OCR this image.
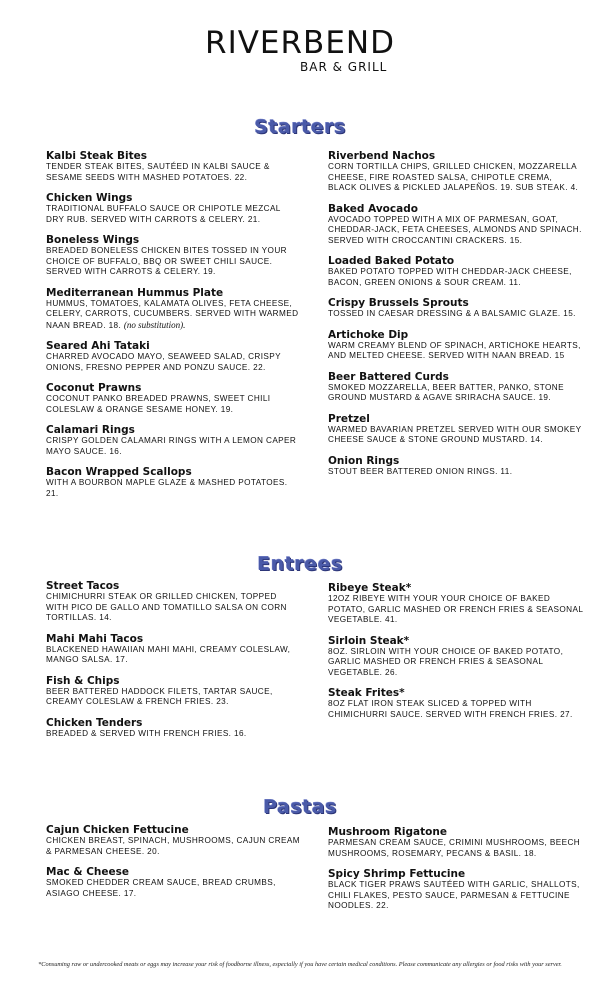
RIVERBEND
BAR & GRILL
Starters
Kalbi Steak Bites
TENDER STEAK BITES, SAUTÉED IN KALBI SAUCE & SESAME SEEDS WITH MASHED POTATOES. 22.
Chicken Wings
TRADITIONAL BUFFALO SAUCE OR CHIPOTLE MEZCAL DRY RUB. SERVED WITH CARROTS & CELERY. 21.
Boneless Wings
BREADED BONELESS CHICKEN BITES TOSSED IN YOUR CHOICE OF BUFFALO, BBQ OR SWEET CHILI SAUCE. SERVED WITH CARROTS & CELERY. 19.
Mediterranean Hummus Plate
HUMMUS, TOMATOES, KALAMATA OLIVES, FETA CHEESE, CELERY, CARROTS, CUCUMBERS. SERVED WITH WARMED NAAN BREAD. 18. (no substitution).
Seared Ahi Tataki
CHARRED AVOCADO MAYO, SEAWEED SALAD, CRISPY ONIONS, FRESNO PEPPER AND PONZU SAUCE. 22.
Coconut Prawns
COCONUT PANKO BREADED PRAWNS, SWEET CHILI COLESLAW & ORANGE SESAME HONEY. 19.
Calamari Rings
CRISPY GOLDEN CALAMARI RINGS WITH A LEMON CAPER MAYO SAUCE. 16.
Bacon Wrapped Scallops
WITH A BOURBON MAPLE GLAZE & MASHED POTATOES. 21.
Riverbend Nachos
CORN TORTILLA CHIPS, GRILLED CHICKEN, MOZZARELLA CHEESE, FIRE ROASTED SALSA, CHIPOTLE CREMA, BLACK OLIVES & PICKLED JALAPEÑOS. 19. SUB STEAK. 4.
Baked Avocado
AVOCADO TOPPED WITH A MIX OF PARMESAN, GOAT, CHEDDAR-JACK, FETA CHEESES, ALMONDS AND SPINACH. SERVED WITH CROCCANTINI CRACKERS. 15.
Loaded Baked Potato
BAKED POTATO TOPPED WITH CHEDDAR-JACK CHEESE, BACON, GREEN ONIONS & SOUR CREAM. 11.
Crispy Brussels Sprouts
TOSSED IN CAESAR DRESSING & A BALSAMIC GLAZE. 15.
Artichoke Dip
WARM CREAMY BLEND OF SPINACH, ARTICHOKE HEARTS, AND MELTED CHEESE. SERVED WITH NAAN BREAD. 15
Beer Battered Curds
SMOKED MOZZARELLA, BEER BATTER, PANKO, STONE GROUND MUSTARD & AGAVE SRIRACHA SAUCE. 19.
Pretzel
WARMED BAVARIAN PRETZEL SERVED WITH OUR SMOKEY CHEESE SAUCE & STONE GROUND MUSTARD. 14.
Onion Rings
STOUT BEER BATTERED ONION RINGS. 11.
Entrees
Street Tacos
CHIMICHURRI STEAK OR GRILLED CHICKEN, TOPPED WITH PICO DE GALLO AND TOMATILLO SALSA ON CORN TORTILLAS. 14.
Mahi Mahi Tacos
BLACKENED HAWAIIAN MAHI MAHI, CREAMY COLESLAW, MANGO SALSA. 17.
Fish & Chips
BEER BATTERED HADDOCK FILETS, TARTAR SAUCE, CREAMY COLESLAW & FRENCH FRIES. 23.
Chicken Tenders
BREADED & SERVED WITH FRENCH FRIES. 16.
Ribeye Steak*
12OZ RIBEYE WITH YOUR YOUR CHOICE OF BAKED POTATO, GARLIC MASHED OR FRENCH FRIES & SEASONAL VEGETABLE. 41.
Sirloin Steak*
8OZ. SIRLOIN WITH YOUR CHOICE OF BAKED POTATO, GARLIC MASHED OR FRENCH FRIES & SEASONAL VEGETABLE. 26.
Steak Frites*
8OZ FLAT IRON STEAK SLICED & TOPPED WITH CHIMICHURRI SAUCE. SERVED WITH FRENCH FRIES. 27.
Pastas
Cajun Chicken Fettucine
CHICKEN BREAST, SPINACH, MUSHROOMS, CAJUN CREAM & PARMESAN CHEESE. 20.
Mac & Cheese
SMOKED CHEDDER CREAM SAUCE, BREAD CRUMBS, ASIAGO CHEESE. 17.
Mushroom Rigatone
PARMESAN CREAM SAUCE, CRIMINI MUSHROOMS, BEECH MUSHROOMS, ROSEMARY, PECANS & BASIL. 18.
Spicy Shrimp Fettucine
BLACK TIGER PRAWS SAUTÉED WITH GARLIC, SHALLOTS, CHILI FLAKES, PESTO SAUCE, PARMESAN & FETTUCINE NOODLES. 22.
*Consuming raw or undercooked meats or eggs may increase your risk of foodborne illness, especially if you have certain medical conditions. Please communicate any allergies or food risks with your server.
